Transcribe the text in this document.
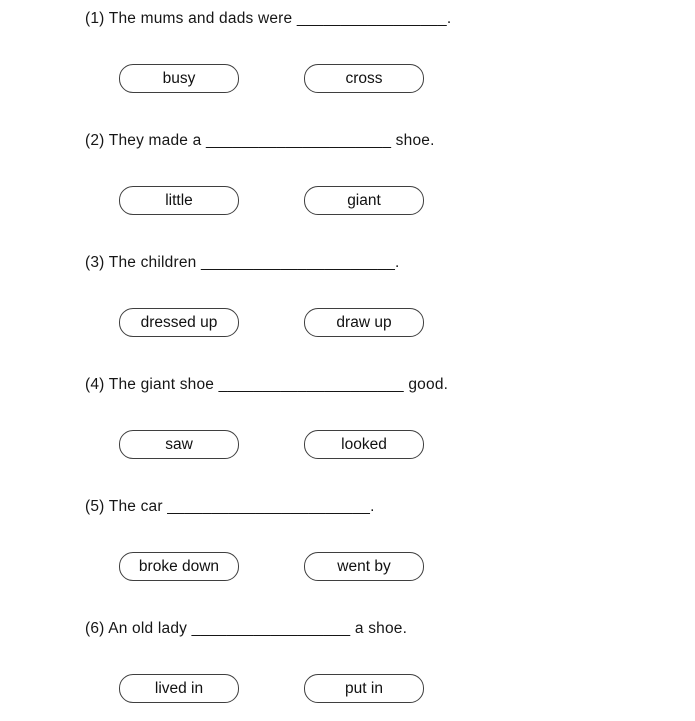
(1) The mums and dads were _________________.

busy	cross

(2) They made a _____________________ shoe.

little	giant

(3) The children ______________________.

dressed up	draw up

(4) The giant shoe _____________________ good.

saw	looked

(5) The car _______________________.

broke down	went by

(6) An old lady __________________ a shoe.

lived in	put in
